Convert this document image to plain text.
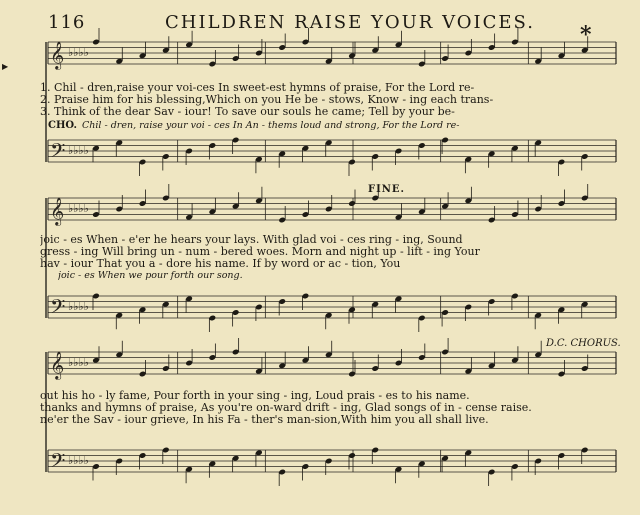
116	CHILDREN RAISE YOUR VOICES.	*
▶ 𝄞 ♭♭♭♭
𝄢 ♭♭♭♭
𝄞 ♭♭♭♭
𝄢 ♭♭♭♭
𝄞 ♭♭♭♭
𝄢 ♭♭♭♭
1. Chil - dren,raise your voi-ces In sweet-est hymns of praise, For the Lord re-
2. Praise him for his blessing,Which on you He be - stows, Know - ing each trans-
3. Think of the dear Sav - iour! To save our souls he came; Tell by your be-
CHO. Chil - dren, raise your voi - ces In An - thems loud and strong, For the Lord re-
FINE.
joic - es When - e'er he hears your lays. With glad voi - ces ring - ing, Sound
gress - ing Will bring un - num - bered woes. Morn and night up - lift - ing Your
hav - iour That you a - dore his name. If by word or ac - tion, You
joic - es When we pour forth our song.
D.C. CHORUS.
out his ho - ly fame, Pour forth in your sing - ing, Loud prais - es to his name.
thanks and hymns of praise, As you're on-ward drift - ing, Glad songs of in - cense raise.
ne'er the Sav - iour grieve, In his Fa - ther's man-sion,With him you all shall live.
